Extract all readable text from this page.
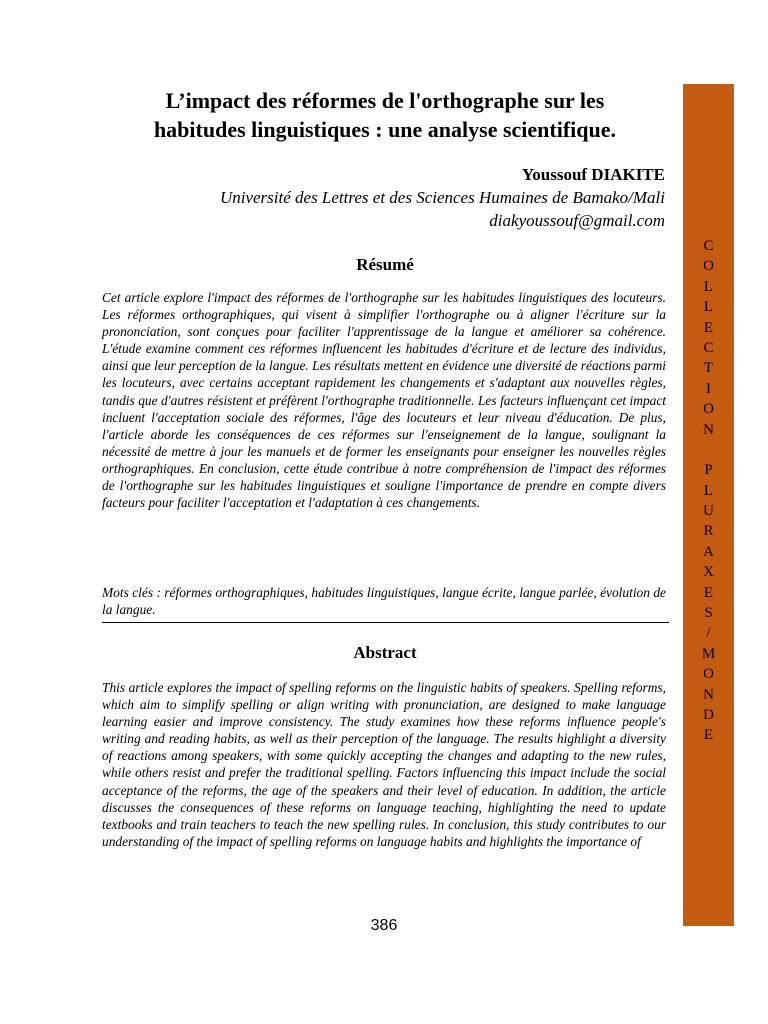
C
O
L
L
E
C
T
I
O
N

P
L
U
R
A
X
E
S
/
M
O
N
D
E
L’impact des réformes de l'orthographe sur les
habitudes linguistiques : une analyse scientifique.
Youssouf DIAKITE
Université des Lettres et des Sciences Humaines de Bamako/Mali
diakyoussouf@gmail.com
Résumé
Cet article explore l'impact des réformes de l'orthographe sur les habitudes linguistiques des locuteurs. Les réformes orthographiques, qui visent à simplifier l'orthographe ou à aligner l'écriture sur la prononciation, sont conçues pour faciliter l'apprentissage de la langue et améliorer sa cohérence. L'étude examine comment ces réformes influencent les habitudes d'écriture et de lecture des individus, ainsi que leur perception de la langue. Les résultats mettent en évidence une diversité de réactions parmi les locuteurs, avec certains acceptant rapidement les changements et s'adaptant aux nouvelles règles, tandis que d'autres résistent et préfèrent l'orthographe traditionnelle. Les facteurs influençant cet impact incluent l'acceptation sociale des réformes, l'âge des locuteurs et leur niveau d'éducation. De plus, l'article aborde les conséquences de ces réformes sur l'enseignement de la langue, soulignant la nécessité de mettre à jour les manuels et de former les enseignants pour enseigner les nouvelles règles orthographiques. En conclusion, cette étude contribue à notre compréhension de l'impact des réformes de l'orthographe sur les habitudes linguistiques et souligne l'importance de prendre en compte divers facteurs pour faciliter l'acceptation et l'adaptation à ces changements.
Mots clés : réformes orthographiques, habitudes linguistiques, langue écrite, langue parlée, évolution de la langue.
Abstract
This article explores the impact of spelling reforms on the linguistic habits of speakers. Spelling reforms, which aim to simplify spelling or align writing with pronunciation, are designed to make language learning easier and improve consistency. The study examines how these reforms influence people's writing and reading habits, as well as their perception of the language. The results highlight a diversity of reactions among speakers, with some quickly accepting the changes and adapting to the new rules, while others resist and prefer the traditional spelling. Factors influencing this impact include the social acceptance of the reforms, the age of the speakers and their level of education. In addition, the article discusses the consequences of these reforms on language teaching, highlighting the need to update textbooks and train teachers to teach the new spelling rules. In conclusion, this study contributes to our understanding of the impact of spelling reforms on language habits and highlights the importance of
386
